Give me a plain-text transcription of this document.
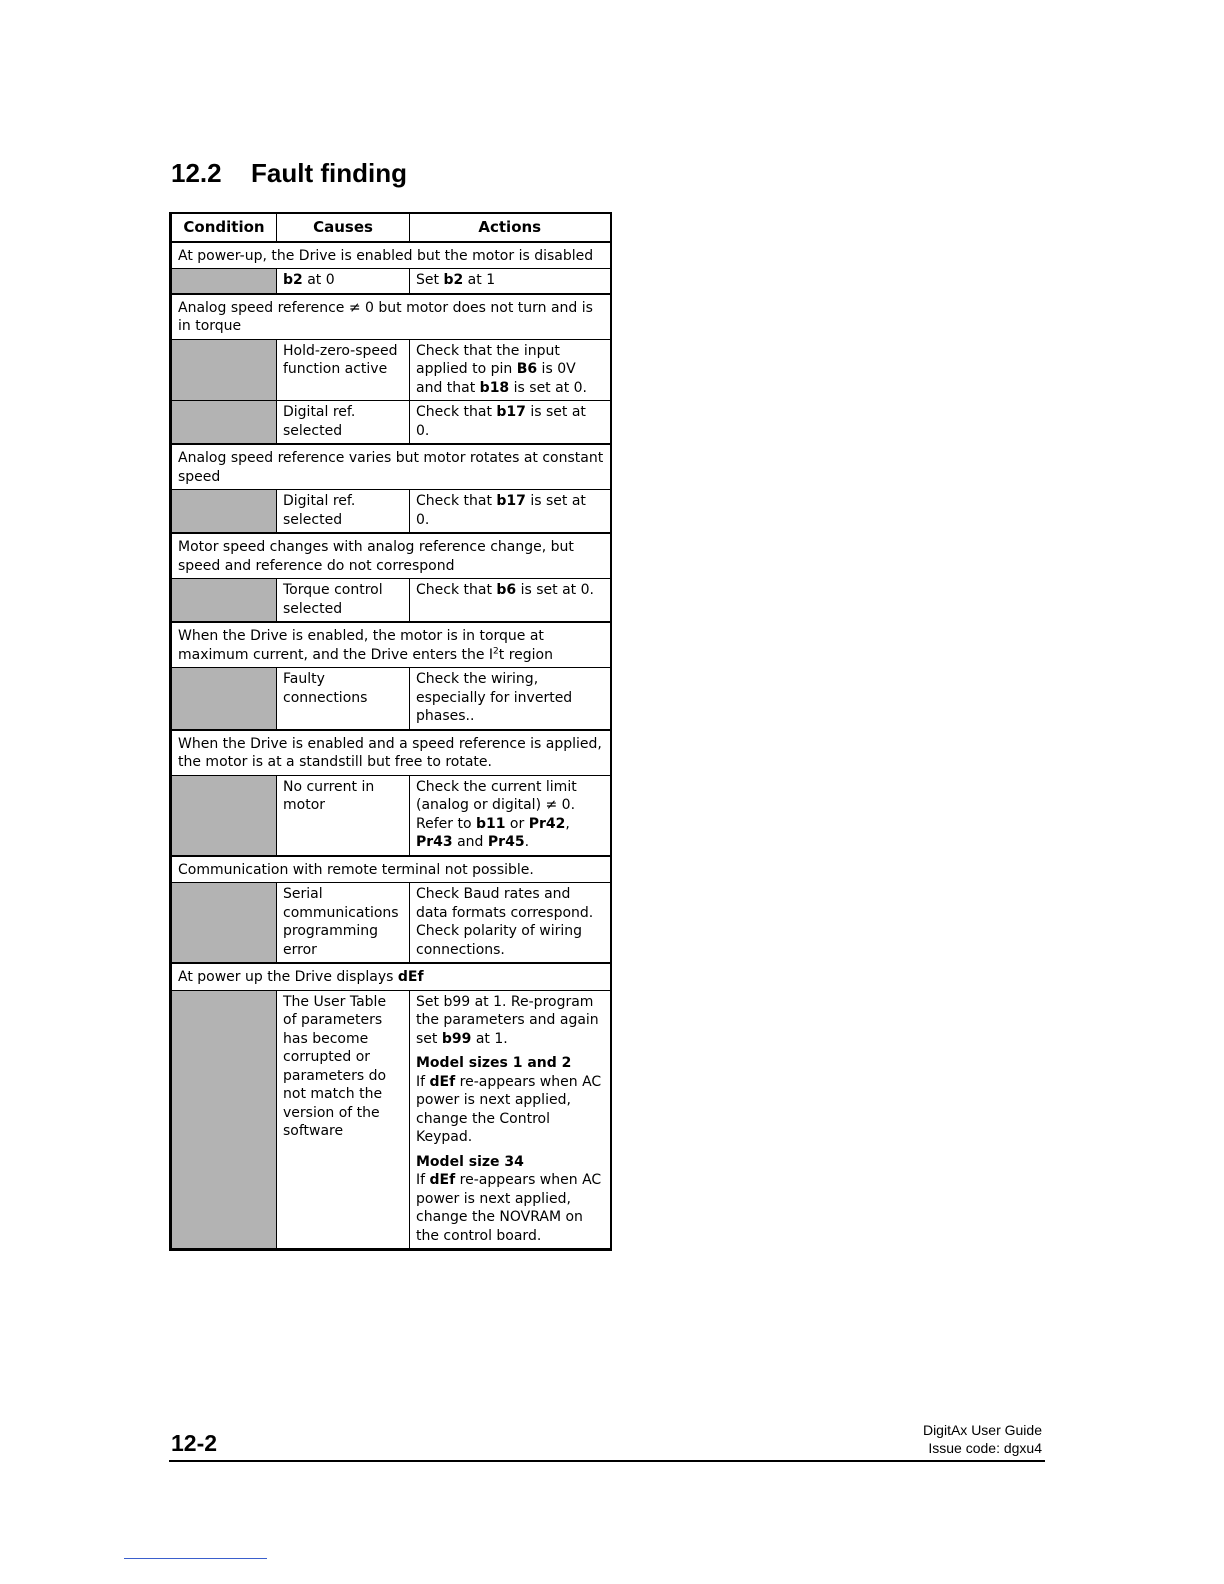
12.2 Fault finding
Condition	Causes	Actions
At power-up, the Drive is enabled but the motor is disabled		
	b2 at 0	Set b2 at 1
Analog speed reference ≠ 0 but motor does not turn and is in torque		
	Hold-zero-speed function active	Check that the input applied to pin B6 is 0V and that b18 is set at 0.
	Digital ref. selected	Check that b17 is set at 0.
Analog speed reference varies but motor rotates at constant speed		
	Digital ref. selected	Check that b17 is set at 0.
Motor speed changes with analog reference change, but speed and reference do not correspond		
	Torque control selected	Check that b6 is set at 0.
When the Drive is enabled, the motor is in torque at maximum current, and the Drive enters the $I^2t$ region		
	Faulty connections	Check the wiring, especially for inverted phases..
When the Drive is enabled and a speed reference is applied, the motor is at a standstill but free to rotate.		
	No current in motor	Check the current limit (analog or digital) ≠ 0. Refer to b11 or Pr42, Pr43 and Pr45.
Communication with remote terminal not possible.		
	Serial communications programming error	Check Baud rates and data formats correspond. Check polarity of wiring connections.
At power up the Drive displays dEf		
	The User Table of parameters has become corrupted or parameters do not match the version of the software	Set b99 at 1. Re-program the parameters and again set b99 at 1.
Model sizes 1 and 2
If dEf re-appears when AC power is next applied, change the Control Keypad.
Model size 34
If dEf re-appears when AC power is next applied, change the NOVRAM on the control board.
12-2	DigitAx User Guide
Issue code: dgxu4
